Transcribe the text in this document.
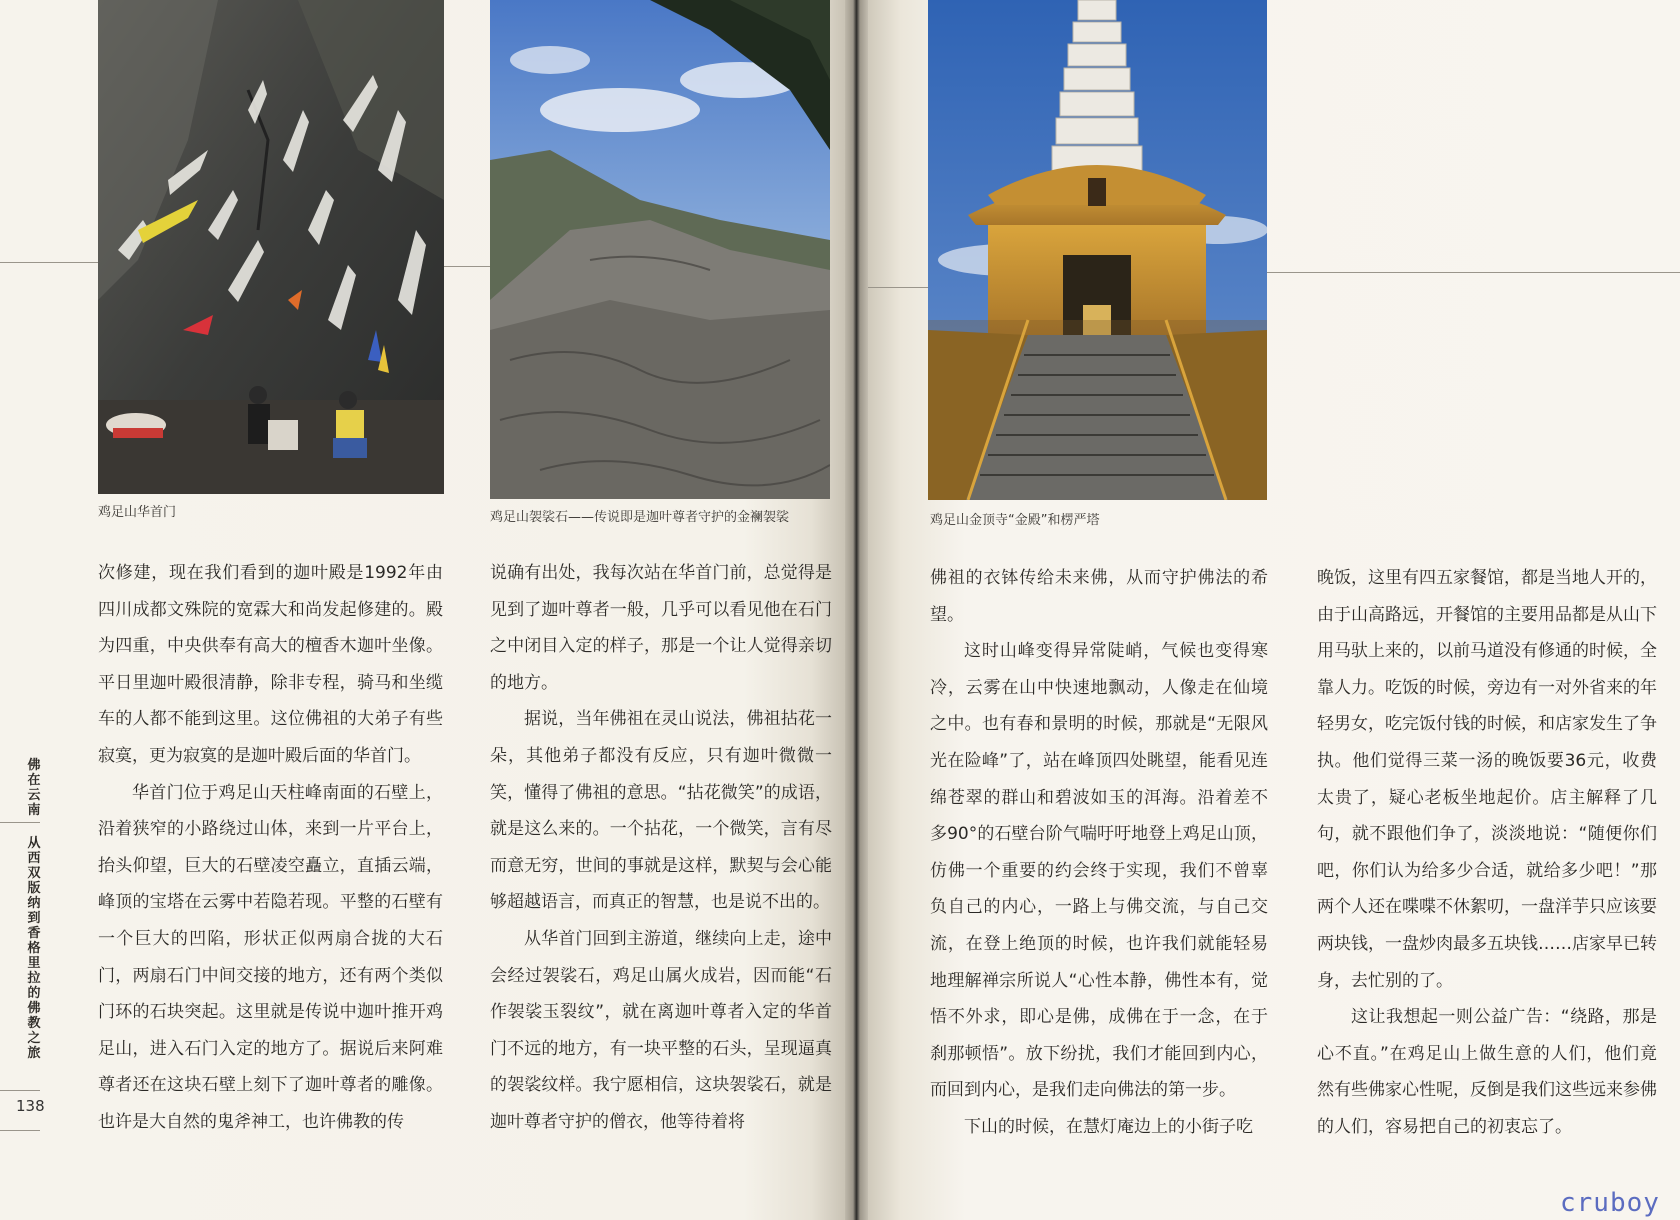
鸡足山华首门	鸡足山袈裟石——传说即是迦叶尊者守护的金襕袈裟
佛在云南
从西双版纳到香格里拉的佛教之旅
138

次修建，现在我们看到的迦叶殿是1992年由四川成都文殊院的宽霖大和尚发起修建的。殿为四重，中央供奉有高大的檀香木迦叶坐像。平日里迦叶殿很清静，除非专程，骑马和坐缆车的人都不能到这里。这位佛祖的大弟子有些寂寞，更为寂寞的是迦叶殿后面的华首门。

华首门位于鸡足山天柱峰南面的石壁上，沿着狭窄的小路绕过山体，来到一片平台上，抬头仰望，巨大的石壁凌空矗立，直插云端，峰顶的宝塔在云雾中若隐若现。平整的石壁有一个巨大的凹陷，形状正似两扇合拢的大石门，两扇石门中间交接的地方，还有两个类似门环的石块突起。这里就是传说中迦叶推开鸡足山，进入石门入定的地方了。据说后来阿难尊者还在这块石壁上刻下了迦叶尊者的雕像。也许是大自然的鬼斧神工，也许佛教的传

说确有出处，我每次站在华首门前，总觉得是见到了迦叶尊者一般，几乎可以看见他在石门之中闭目入定的样子，那是一个让人觉得亲切的地方。

据说，当年佛祖在灵山说法，佛祖拈花一朵，其他弟子都没有反应，只有迦叶微微一笑，懂得了佛祖的意思。“拈花微笑”的成语，就是这么来的。一个拈花，一个微笑，言有尽而意无穷，世间的事就是这样，默契与会心能够超越语言，而真正的智慧，也是说不出的。

从华首门回到主游道，继续向上走，途中会经过袈裟石，鸡足山属火成岩，因而能“石作袈裟玉裂纹”，就在离迦叶尊者入定的华首门不远的地方，有一块平整的石头，呈现逼真的袈裟纹样。我宁愿相信，这块袈裟石，就是迦叶尊者守护的僧衣，他等待着将

鸡足山金顶寺“金殿”和楞严塔

佛祖的衣钵传给未来佛，从而守护佛法的希望。

这时山峰变得异常陡峭，气候也变得寒冷，云雾在山中快速地飘动，人像走在仙境之中。也有春和景明的时候，那就是“无限风光在险峰”了，站在峰顶四处眺望，能看见连绵苍翠的群山和碧波如玉的洱海。沿着差不多90°的石壁台阶气喘吁吁地登上鸡足山顶，仿佛一个重要的约会终于实现，我们不曾辜负自己的内心，一路上与佛交流，与自己交流，在登上绝顶的时候，也许我们就能轻易地理解禅宗所说人“心性本静，佛性本有，觉悟不外求，即心是佛，成佛在于一念，在于刹那顿悟”。放下纷扰，我们才能回到内心，而回到内心，是我们走向佛法的第一步。

下山的时候，在慧灯庵边上的小街子吃

晚饭，这里有四五家餐馆，都是当地人开的，由于山高路远，开餐馆的主要用品都是从山下用马驮上来的，以前马道没有修通的时候，全靠人力。吃饭的时候，旁边有一对外省来的年轻男女，吃完饭付钱的时候，和店家发生了争执。他们觉得三菜一汤的晚饭要36元，收费太贵了，疑心老板坐地起价。店主解释了几句，就不跟他们争了，淡淡地说：“随便你们吧，你们认为给多少合适，就给多少吧！”那两个人还在喋喋不休絮叨，一盘洋芋只应该要两块钱，一盘炒肉最多五块钱……店家早已转身，去忙别的了。

这让我想起一则公益广告：“绕路，那是心不直。”在鸡足山上做生意的人们，他们竟然有些佛家心性呢，反倒是我们这些远来参佛的人们，容易把自己的初衷忘了。

cruboy
